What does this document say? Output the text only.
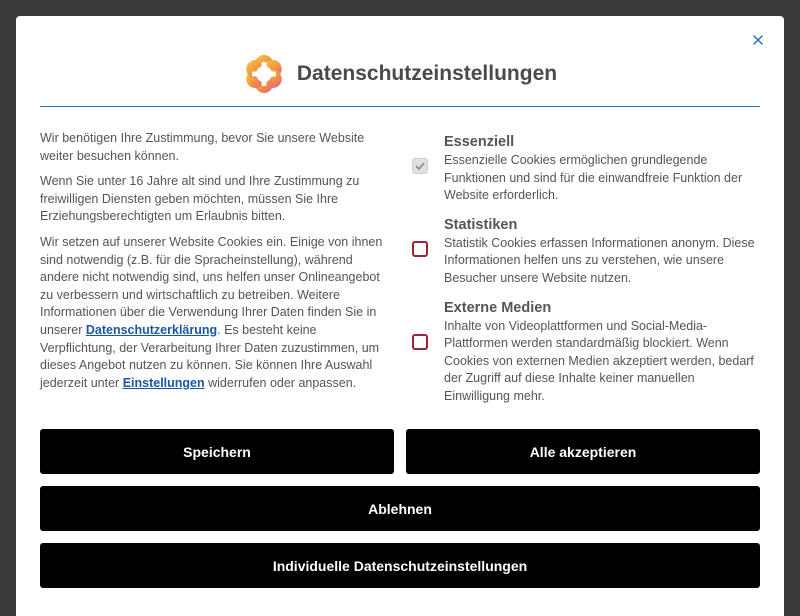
Datenschutzeinstellungen

Wir benötigen Ihre Zustimmung, bevor Sie unsere Website weiter besuchen können.

Wenn Sie unter 16 Jahre alt sind und Ihre Zustimmung zu freiwilligen Diensten geben möchten, müssen Sie Ihre Erziehungsberechtigten um Erlaubnis bitten.

Wir setzen auf unserer Website Cookies ein. Einige von ihnen sind notwendig (z.B. für die Spracheinstellung), während andere nicht notwendig sind, uns helfen unser Onlineangebot zu verbessern und wirtschaftlich zu betreiben. Weitere Informationen über die Verwendung Ihrer Daten finden Sie in unserer Datenschutzerklärung. Es besteht keine Verpflichtung, der Verarbeitung Ihrer Daten zuzustimmen, um dieses Angebot nutzen zu können. Sie können Ihre Auswahl jederzeit unter Einstellungen widerrufen oder anpassen.

Essenziell
Essenzielle Cookies ermöglichen grundlegende Funktionen und sind für die einwandfreie Funktion der Website erforderlich.
Statistiken
Statistik Cookies erfassen Informationen anonym. Diese Informationen helfen uns zu verstehen, wie unsere Besucher unsere Website nutzen.
Externe Medien
Inhalte von Videoplattformen und Social-Media-Plattformen werden standardmäßig blockiert. Wenn Cookies von externen Medien akzeptiert werden, bedarf der Zugriff auf diese Inhalte keiner manuellen Einwilligung mehr.
Speichern	Alle akzeptieren
Ablehnen
Individuelle Datenschutzeinstellungen
